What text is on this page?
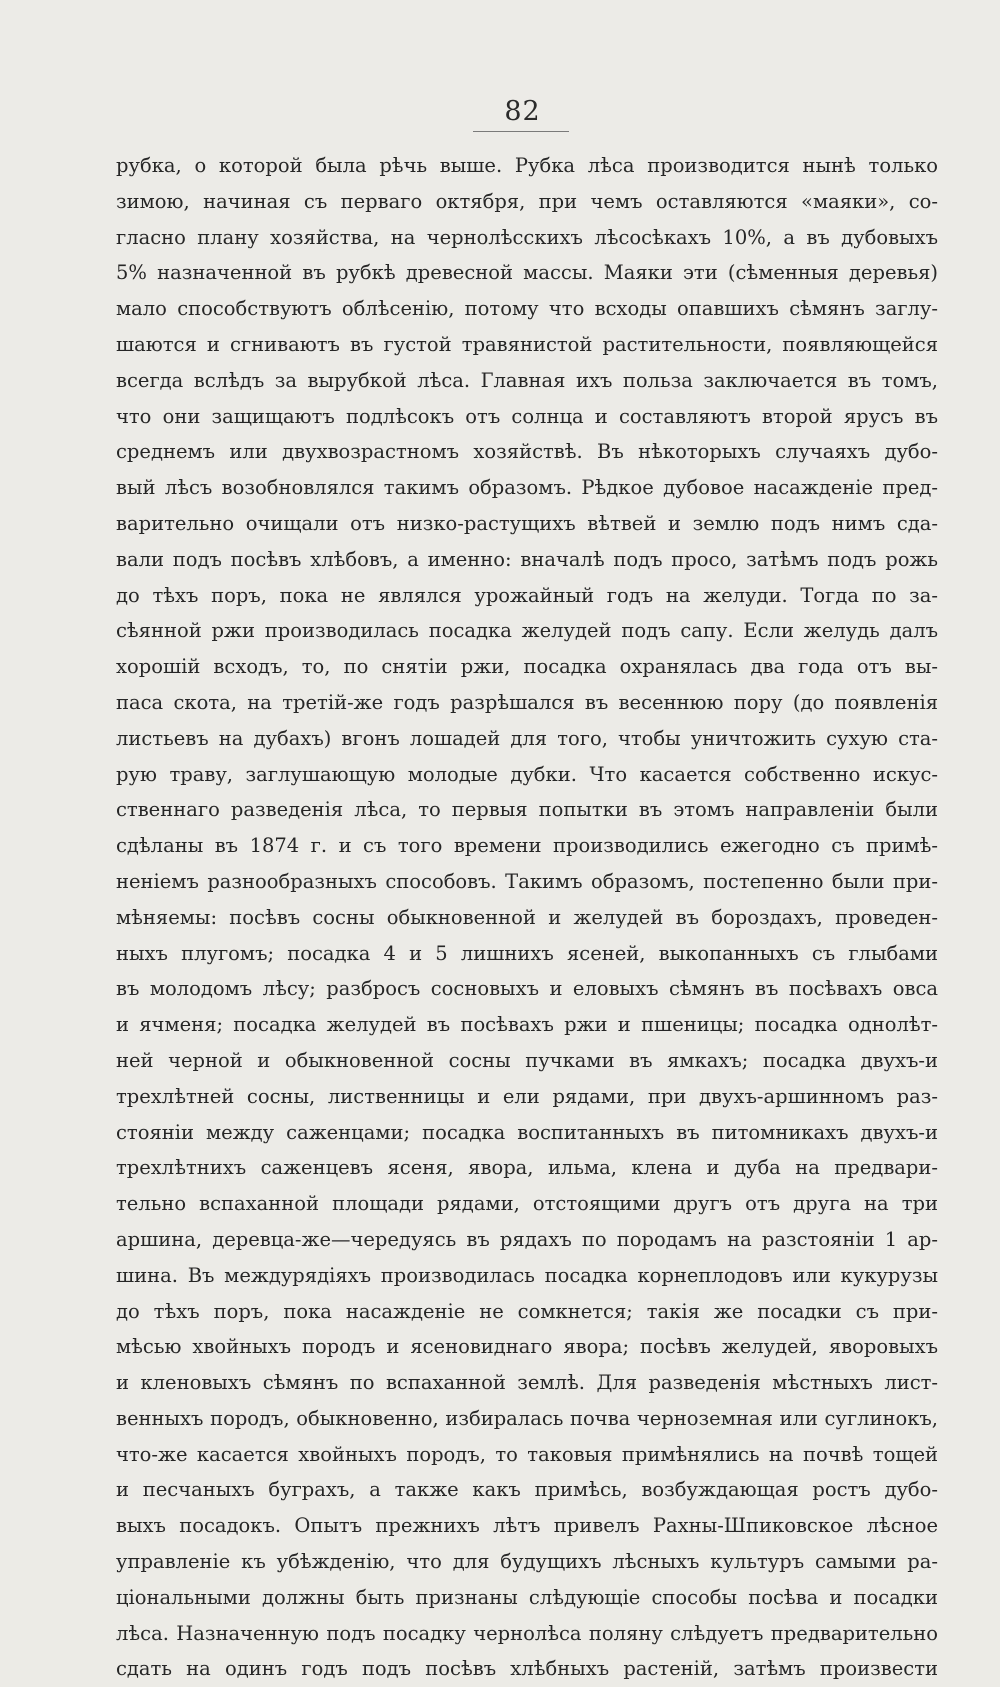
82
рубка, о которой была рѣчь выше. Рубка лѣса производится нынѣ только
зимою, начиная съ перваго октября, при чемъ оставляются «маяки», со-
гласно плану хозяйства, на чернолѣсскихъ лѣсосѣкахъ 10%, а въ дубовыхъ
5% назначенной въ рубкѣ древесной массы. Маяки эти (сѣменныя деревья)
мало способствуютъ облѣсенію, потому что всходы опавшихъ сѣмянъ заглу-
шаются и сгниваютъ въ густой травянистой растительности, появляющейся
всегда вслѣдъ за вырубкой лѣса. Главная ихъ польза заключается въ томъ,
что они защищаютъ подлѣсокъ отъ солнца и составляютъ второй ярусъ въ
среднемъ или двухвозрастномъ хозяйствѣ. Въ нѣкоторыхъ случаяхъ дубо-
вый лѣсъ возобновлялся такимъ образомъ. Рѣдкое дубовое насажденіе пред-
варительно очищали отъ низко-растущихъ вѣтвей и землю подъ нимъ сда-
вали подъ посѣвъ хлѣбовъ, а именно: вначалѣ подъ просо, затѣмъ подъ рожь
до тѣхъ поръ, пока не являлся урожайный годъ на желуди. Тогда по за-
сѣянной ржи производилась посадка желудей подъ сапу. Если желудь далъ
хорошій всходъ, то, по снятіи ржи, посадка охранялась два года отъ вы-
паса скота, на третій-же годъ разрѣшался въ весеннюю пору (до появленія
листьевъ на дубахъ) вгонъ лошадей для того, чтобы уничтожить сухую ста-
рую траву, заглушающую молодые дубки. Что касается собственно искус-
ственнаго разведенія лѣса, то первыя попытки въ этомъ направленіи были
сдѣланы въ 1874 г. и съ того времени производились ежегодно съ примѣ-
неніемъ разнообразныхъ способовъ. Такимъ образомъ, постепенно были при-
мѣняемы: посѣвъ сосны обыкновенной и желудей въ бороздахъ, проведен-
ныхъ плугомъ; посадка 4 и 5 лишнихъ ясеней, выкопанныхъ съ глыбами
въ молодомъ лѣсу; разбросъ сосновыхъ и еловыхъ сѣмянъ въ посѣвахъ овса
и ячменя; посадка желудей въ посѣвахъ ржи и пшеницы; посадка однолѣт-
ней черной и обыкновенной сосны пучками въ ямкахъ; посадка двухъ-и
трехлѣтней сосны, лиственницы и ели рядами, при двухъ-аршинномъ раз-
стояніи между саженцами; посадка воспитанныхъ въ питомникахъ двухъ-и
трехлѣтнихъ саженцевъ ясеня, явора, ильма, клена и дуба на предвари-
тельно вспаханной площади рядами, отстоящими другъ отъ друга на три
аршина, деревца-же—чередуясь въ рядахъ по породамъ на разстояніи 1 ар-
шина. Въ междурядіяхъ производилась посадка корнеплодовъ или кукурузы
до тѣхъ поръ, пока насажденіе не сомкнется; такія же посадки съ при-
мѣсью хвойныхъ породъ и ясеновиднаго явора; посѣвъ желудей, яворовыхъ
и кленовыхъ сѣмянъ по вспаханной землѣ. Для разведенія мѣстныхъ лист-
венныхъ породъ, обыкновенно, избиралась почва черноземная или суглинокъ,
что-же касается хвойныхъ породъ, то таковыя примѣнялись на почвѣ тощей
и песчаныхъ буграхъ, а также какъ примѣсь, возбуждающая ростъ дубо-
выхъ посадокъ. Опытъ прежнихъ лѣтъ привелъ Рахны-Шпиковское лѣсное
управленіе къ убѣжденію, что для будущихъ лѣсныхъ культуръ самыми ра-
ціональными должны быть признаны слѣдующіе способы посѣва и посадки
лѣса. Назначенную подъ посадку чернолѣса поляну слѣдуетъ предварительно
сдать на одинъ годъ подъ посѣвъ хлѣбныхъ растеній, затѣмъ произвести
